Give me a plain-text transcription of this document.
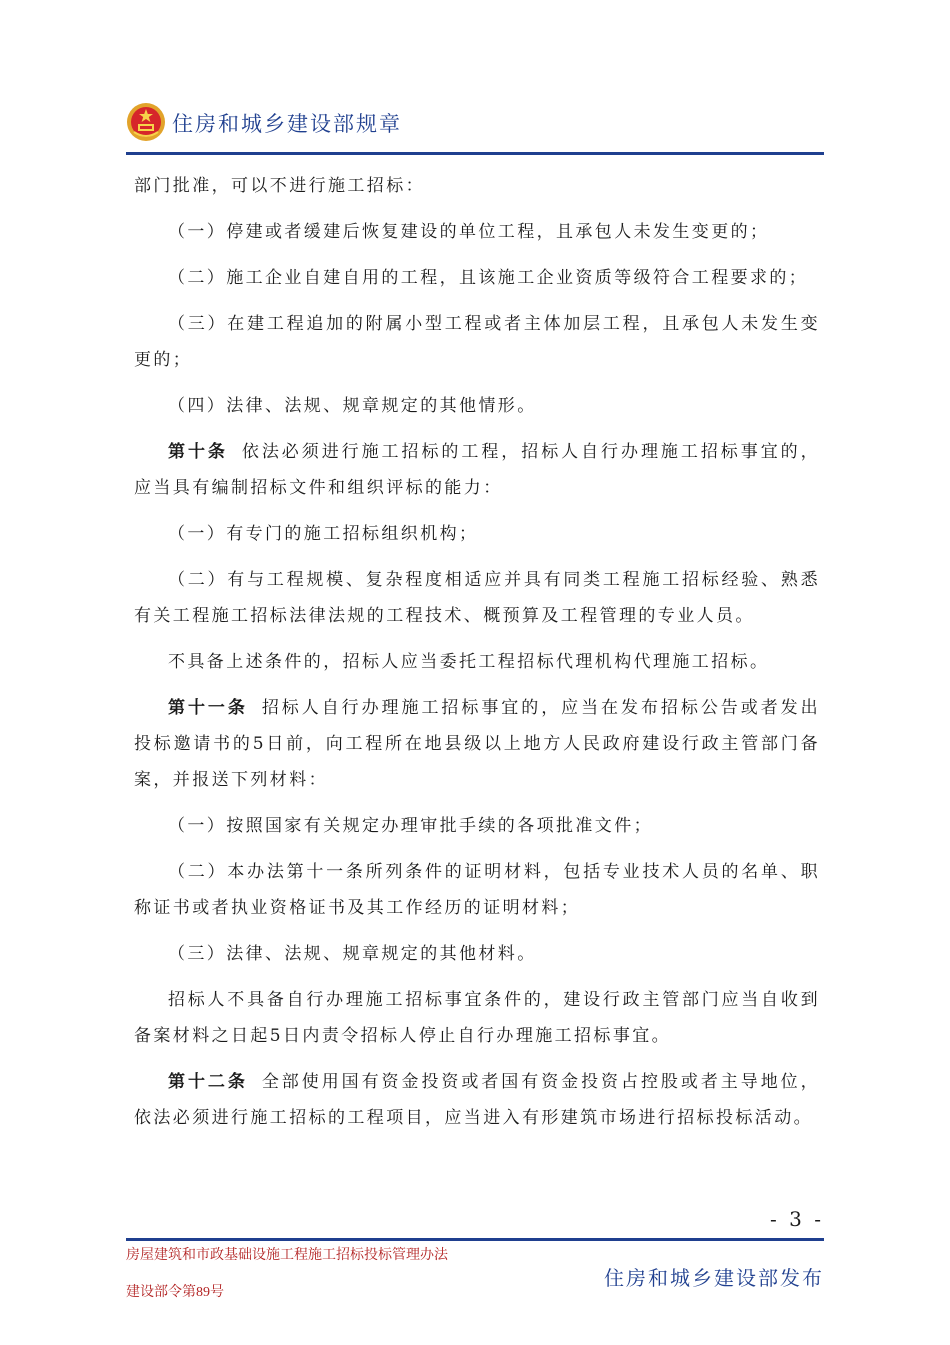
住房和城乡建设部规章

部门批准，可以不进行施工招标：

（一）停建或者缓建后恢复建设的单位工程，且承包人未发生变更的；

（二）施工企业自建自用的工程，且该施工企业资质等级符合工程要求的；

（三）在建工程追加的附属小型工程或者主体加层工程，且承包人未发生变更的；

（四）法律、法规、规章规定的其他情形。

第十条 依法必须进行施工招标的工程，招标人自行办理施工招标事宜的，应当具有编制招标文件和组织评标的能力：

（一）有专门的施工招标组织机构；

（二）有与工程规模、复杂程度相适应并具有同类工程施工招标经验、熟悉有关工程施工招标法律法规的工程技术、概预算及工程管理的专业人员。

不具备上述条件的，招标人应当委托工程招标代理机构代理施工招标。

第十一条 招标人自行办理施工招标事宜的，应当在发布招标公告或者发出投标邀请书的5日前，向工程所在地县级以上地方人民政府建设行政主管部门备案，并报送下列材料：

（一）按照国家有关规定办理审批手续的各项批准文件；

（二）本办法第十一条所列条件的证明材料，包括专业技术人员的名单、职称证书或者执业资格证书及其工作经历的证明材料；

（三）法律、法规、规章规定的其他材料。

招标人不具备自行办理施工招标事宜条件的，建设行政主管部门应当自收到备案材料之日起5日内责令招标人停止自行办理施工招标事宜。

第十二条 全部使用国有资金投资或者国有资金投资占控股或者主导地位，依法必须进行施工招标的工程项目，应当进入有形建筑市场进行招标投标活动。

- 3 -
房屋建筑和市政基础设施工程施工招标投标管理办法
建设部令第89号
住房和城乡建设部发布
